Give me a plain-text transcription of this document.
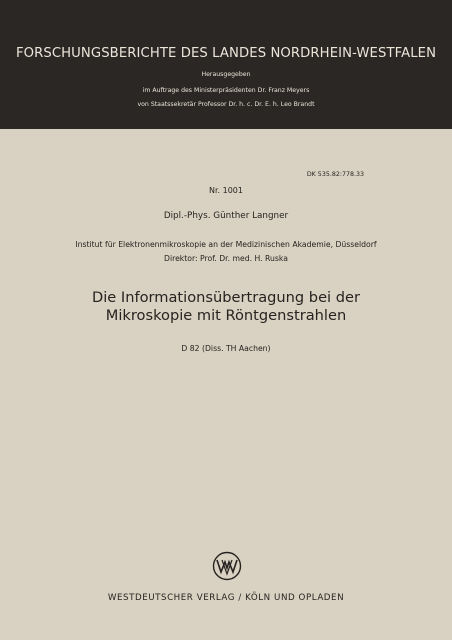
FORSCHUNGSBERICHTE DES LANDES NORDRHEIN-WESTFALEN
Herausgegeben
im Auftrage des Ministerpräsidenten Dr. Franz Meyers
von Staatssekretär Professor Dr. h. c. Dr. E. h. Leo Brandt
DK 535.82:778.33
Nr. 1001
Dipl.-Phys. Günther Langner
Institut für Elektronenmikroskopie an der Medizinischen Akademie, Düsseldorf
Direktor: Prof. Dr. med. H. Ruska
Die Informationsübertragung bei der
Mikroskopie mit Röntgenstrahlen
D 82 (Diss. TH Aachen)
WESTDEUTSCHER VERLAG / KÖLN UND OPLADEN
